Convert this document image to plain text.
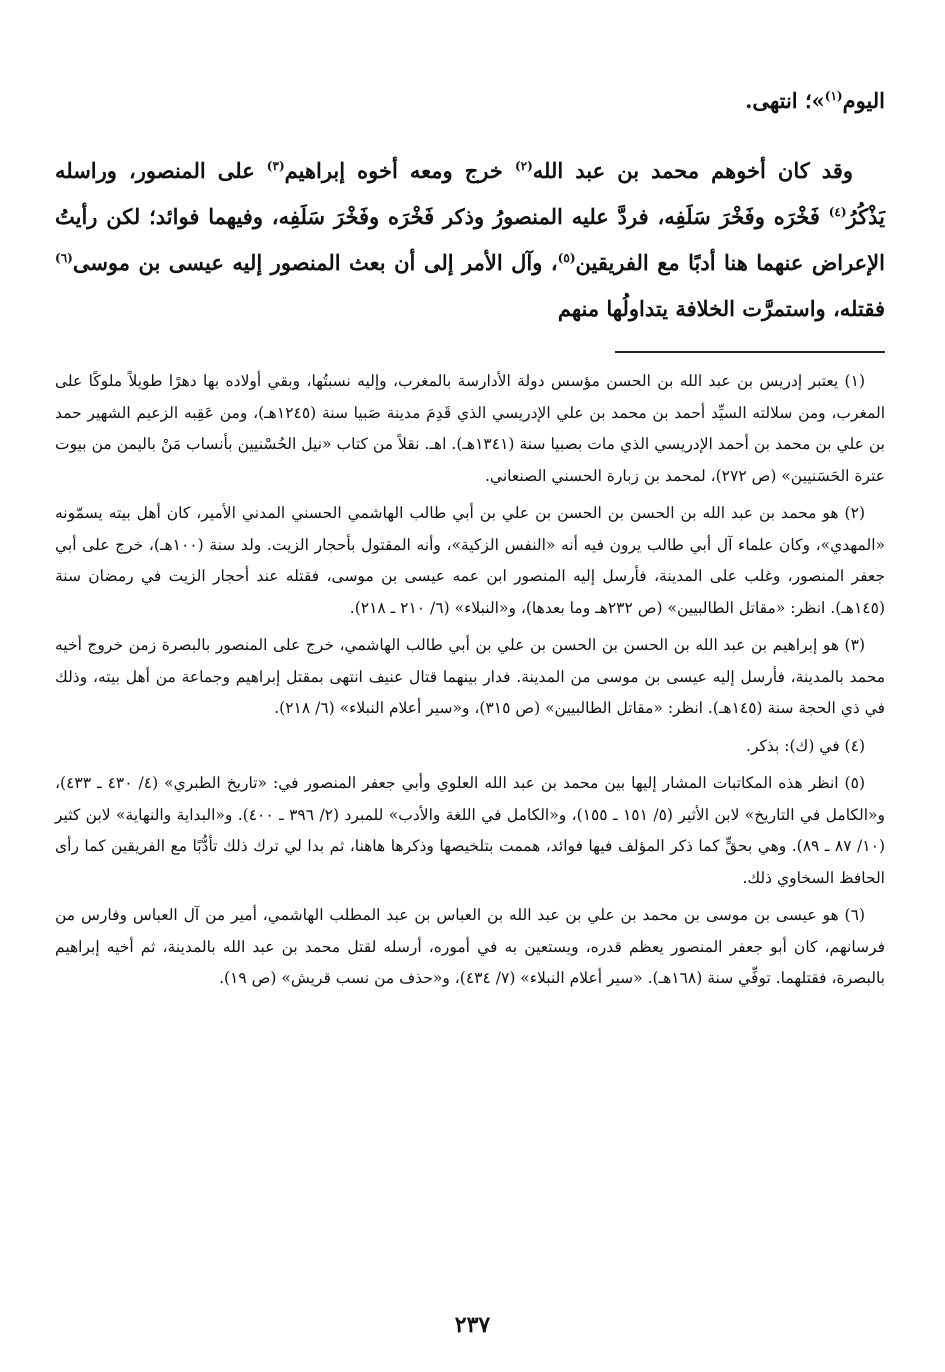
اليوم$^{(١)}$»؛ انتهى.

وقد كان أخوهم محمد بن عبد الله$^{(٢)}$ خرج ومعه أخوه إبراهيم$^{(٣)}$ على المنصور، وراسله يَذْكُرُ$^{(٤)}$ فَخْرَه وفَخْرَ سَلَفِه، فردَّ عليه المنصورُ وذكر فَخْرَه وفَخْرَ سَلَفِه، وفيهما فوائد؛ لكن رأيتُ الإعراض عنهما هنا أدبًا مع الفريقين$^{(٥)}$، وآل الأمر إلى أن بعث المنصور إليه عيسى بن موسى$^{(٦)}$ فقتله، واستمرَّت الخلافة يتداولُها منهم

(١) يعتبر إدريس بن عبد الله بن الحسن مؤسس دولة الأدارسة بالمغرب، وإليه نسبتُها، وبقي أولاده بها دهرًا طويلاً ملوكًا على المغرب، ومن سلالته السيِّد أحمد بن محمد بن علي الإدريسي الذي قَدِمَ مدينة صَبيا سنة (١٢٤٥هـ)، ومن عَقِبه الزعيم الشهير حمد بن علي بن محمد بن أحمد الإدريسي الذي مات بصبيا سنة (١٣٤١هـ). اهـ. نقلاً من كتاب «نيل الحُسْنيين بأنساب مَنْ باليمن من بيوت عترة الحَسَنيين» (ص ٢٧٢)، لمحمد بن زبارة الحسني الصنعاني.
(٢) هو محمد بن عبد الله بن الحسن بن الحسن بن علي بن أبي طالب الهاشمي الحسني المدني الأمير، كان أهل بيته يسمّونه «المهدي»، وكان علماء آل أبي طالب يرون فيه أنه «النفس الزكية»، وأنه المقتول بأحجار الزيت. ولد سنة (١٠٠هـ)، خرج على أبي جعفر المنصور، وغلب على المدينة، فأرسل إليه المنصور ابن عمه عيسى بن موسى، فقتله عند أحجار الزيت في رمضان سنة (١٤٥هـ). انظر: «مقاتل الطالبيين» (ص ٢٣٢هـ وما بعدها)، و«النبلاء» (٦/ ٢١٠ ـ ٢١٨).
(٣) هو إبراهيم بن عبد الله بن الحسن بن الحسن بن علي بن أبي طالب الهاشمي، خرج على المنصور بالبصرة زمن خروج أخيه محمد بالمدينة، فأرسل إليه عيسى بن موسى من المدينة. فدار بينهما قتال عنيف انتهى بمقتل إبراهيم وجماعة من أهل بيته، وذلك في ذي الحجة سنة (١٤٥هـ). انظر: «مقاتل الطالبيين» (ص ٣١٥)، و«سير أعلام النبلاء» (٦/ ٢١٨).
(٤) في (ك): بذكر.
(٥) انظر هذه المكاتبات المشار إليها بين محمد بن عبد الله العلوي وأبي جعفر المنصور في: «تاريخ الطبري» (٤/ ٤٣٠ ـ ٤٣٣)، و«الكامل في التاريخ» لابن الأثير (٥/ ١٥١ ـ ١٥٥)، و«الكامل في اللغة والأدب» للمبرد (٢/ ٣٩٦ ـ ٤٠٠). و«البداية والنهاية» لابن كثير (١٠/ ٨٧ ـ ٨٩). وهي بحقٍّ كما ذكر المؤلف فيها فوائد، هممت بتلخيصها وذكرها هاهنا، ثم بدا لي ترك ذلك تأدُّبًا مع الفريقين كما رأى الحافظ السخاوي ذلك.
(٦) هو عيسى بن موسى بن محمد بن علي بن عبد الله بن العباس بن عبد المطلب الهاشمي، أمير من آل العباس وفارس من فرسانهم، كان أبو جعفر المنصور يعظم قدره، ويستعين به في أموره، أرسله لقتل محمد بن عبد الله بالمدينة، ثم أخيه إبراهيم بالبصرة، فقتلهما. توفِّي سنة (١٦٨هـ). «سير أعلام النبلاء» (٧/ ٤٣٤)، و«حذف من نسب قريش» (ص ١٩).
٢٣٧
